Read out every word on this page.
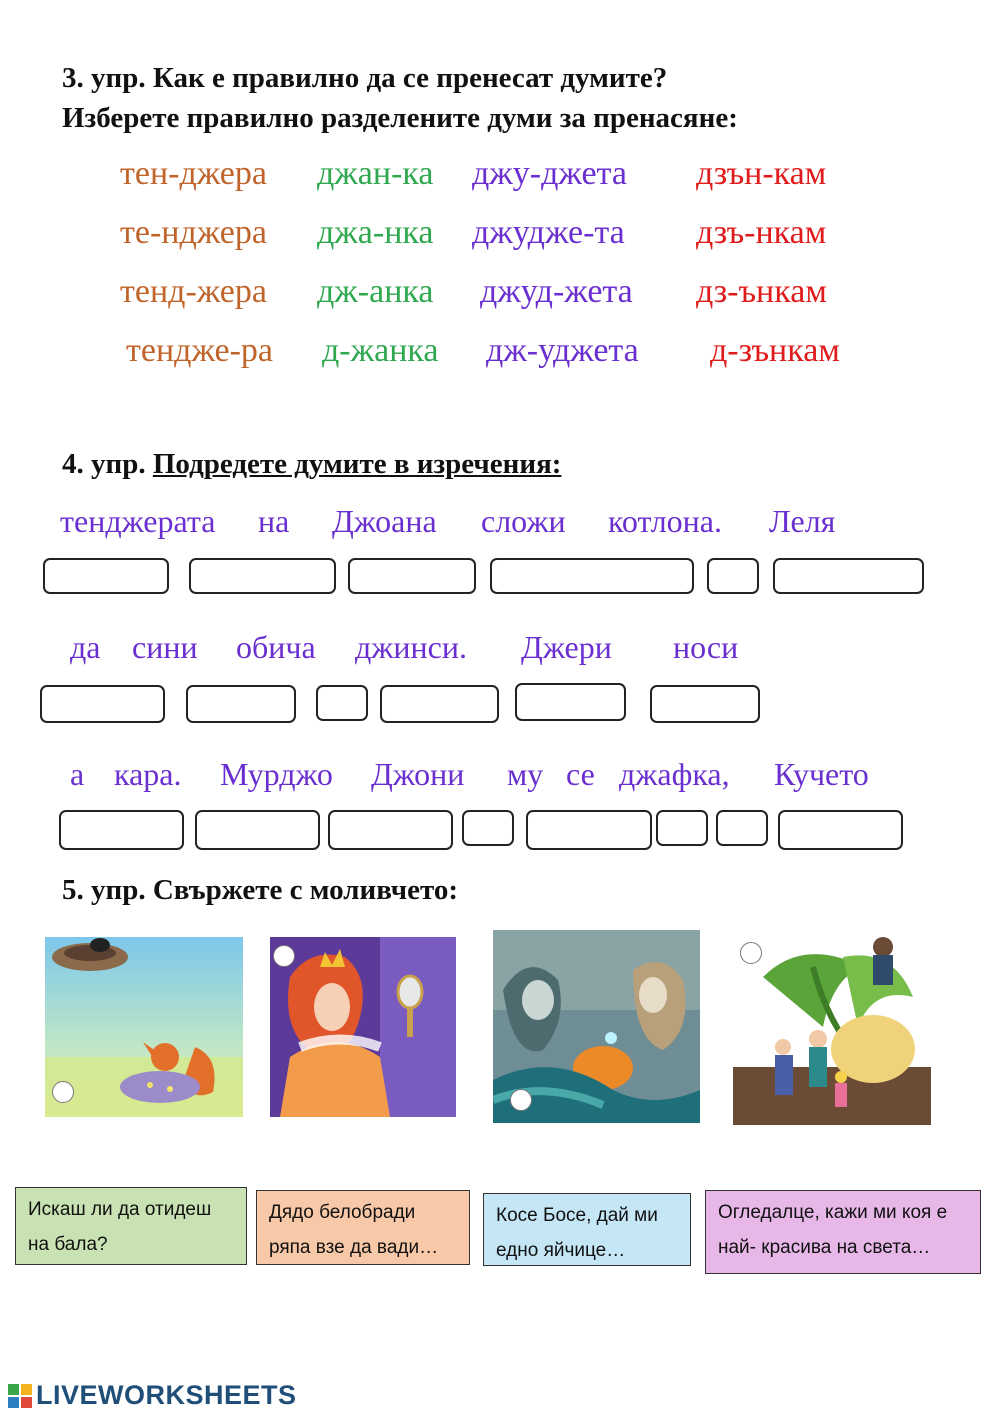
3. упр. Как е правилно да се пренесат думите?
Изберете правилно разделените думи за пренасяне:
тен-джера джан-ка джу-джета дзън-кам
те-нджера джа-нка джудже-та дзъ-нкам
тенд-жера дж-анка джуд-жета дз-ънкам
тендже-ра д-жанка дж-уджета д-зънкам
4. упр. Подредете думите в изречения:
тенджерата на Джоана сложи котлона. Леля
да сини обича джинси. Джери носи
а кара. Мурджо Джони му се джафка, Кучето
5. упр. Свържете с моливчето:
Искаш ли да отидеш на бала?
Дядо белобради ряпа взе да вади…
Косе Босе, дай ми едно яйчице…
Огледалце, кажи ми коя е най- красива на света…
LIVEWORKSHEETS
